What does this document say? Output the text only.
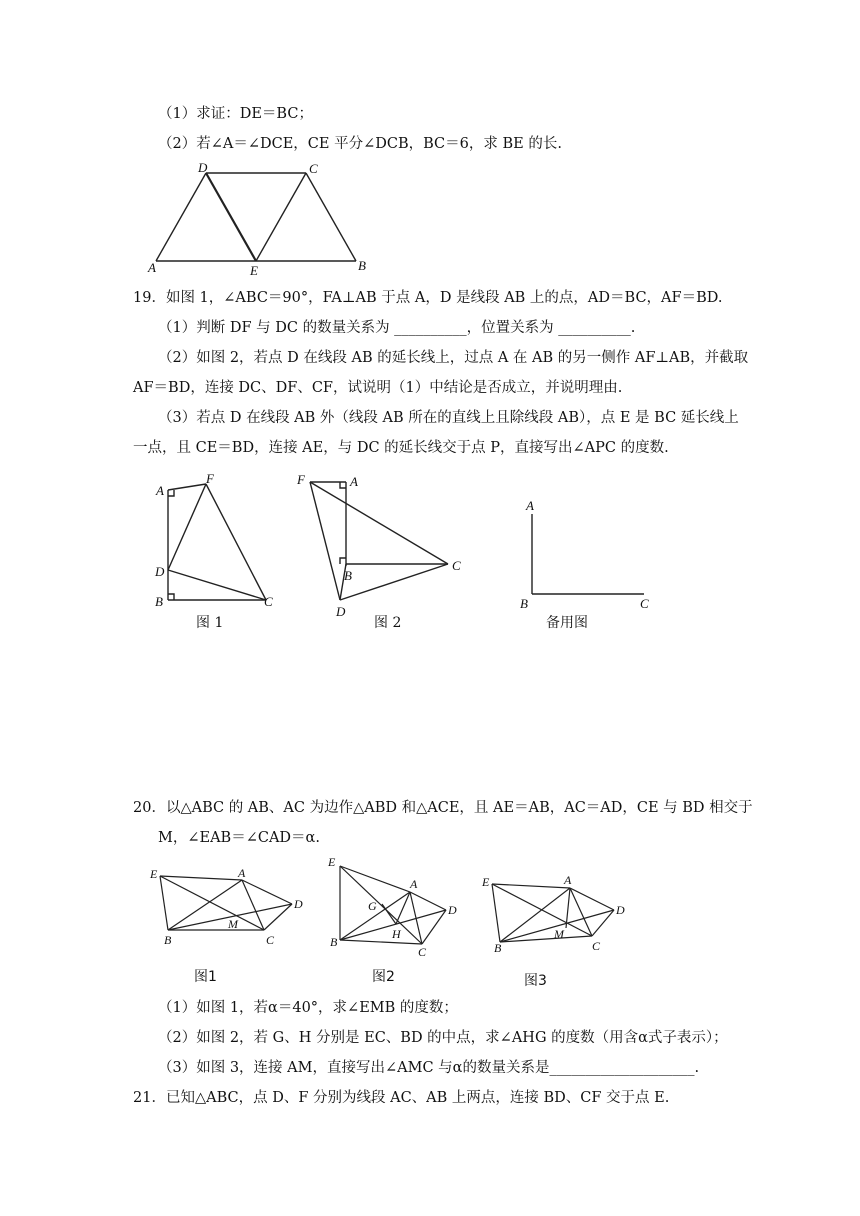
（1）求证：DE＝BC；
（2）若∠A＝∠DCE，CE 平分∠DCB，BC＝6，求 BE 的长.
D	C
A	E	B
19．如图 1，∠ABC＝90°，FA⊥AB 于点 A，D 是线段 AB 上的点，AD＝BC，AF＝BD.
（1）判断 DF 与 DC 的数量关系为 __________，位置关系为 __________.
（2）如图 2，若点 D 在线段 AB 的延长线上，过点 A 在 AB 的另一侧作 AF⊥AB，并截取
AF＝BD，连接 DC、DF、CF，试说明（1）中结论是否成立，并说明理由.
（3）若点 D 在线段 AB 外（线段 AB 所在的直线上且除线段 AB），点 E 是 BC 延长线上
一点，且 CE＝BD，连接 AE，与 DC 的延长线交于点 P，直接写出∠APC 的度数.
A
F
D
B	C
图 1
F	A
B
C
D
图 2
A
B	C
备用图
20．以△ABC 的 AB、AC 为边作△ABD 和△ACE，且 AE＝AB，AC＝AD，CE 与 BD 相交于
M，∠EAB＝∠CAD＝α.
E	A
D
M
B	C
图1
E
A
G	D
H
B
C
图2
E	A
D
M
B	C
图3
（1）如图 1，若α＝40°，求∠EMB 的度数；
（2）如图 2，若 G、H 分别是 EC、BD 的中点，求∠AHG 的度数（用含α式子表示）；
（3）如图 3，连接 AM，直接写出∠AMC 与α的数量关系是____________________.
21．已知△ABC，点 D、F 分别为线段 AC、AB 上两点，连接 BD、CF 交于点 E.
